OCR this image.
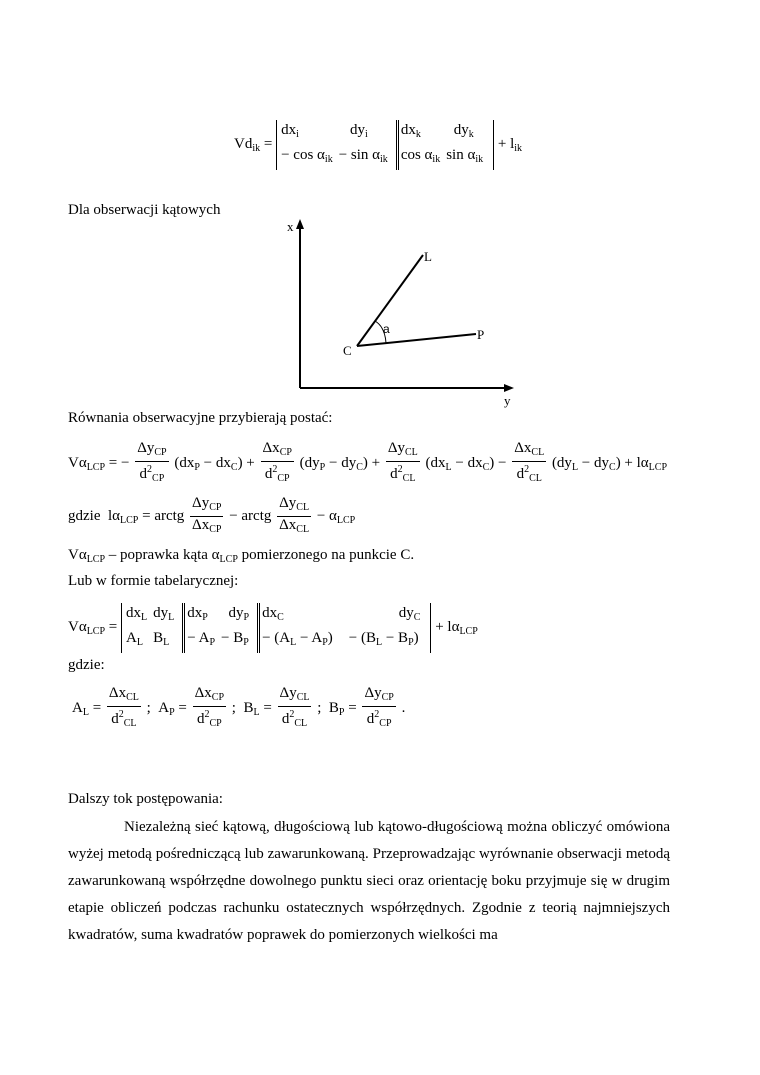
$Vd_{ik}$ =
$dx_i$	$dy_i$
− $\cos \alpha_{ik}$	− $\sin \alpha_{ik}$
$dx_k$	$dy_k$
$\cos \alpha_{ik}$	$\sin \alpha_{ik}$
+ $l_{ik}$
Dla obserwacji kątowych
x
y
C
L
P
a
Równania obserwacyjne przybierają postać:
$V\alpha_{LCP}$ = − $\frac{\Delta y_{CP}}{d^2_{CP}} (dx_P - dx_C) + \frac{\Delta x_{CP}}{d^2_{CP}} (dy_P - dy_C) + \frac{\Delta y_{CL}}{d^2_{CL}} (dx_L - dx_C) - \frac{\Delta x_{CL}}{d^2_{CL}} (dy_L - dy_C) + l\alpha_{LCP}$
gdzie  $l\alpha_{LCP}$ = arctg $\frac{\Delta y_{CP}}{\Delta x_{CP}}$ − arctg $\frac{\Delta y_{CL}}{\Delta x_{CL}} - \alpha_{LCP}$
$V\alpha_{LCP}$ – poprawka kąta $\alpha_{LCP}$ pomierzonego na punkcie C.
Lub w formie tabelarycznej:
$V\alpha_{LCP}$ =
$dx_L$	$dy_L$
$A_L$	$B_L$
$dx_P$	$dy_P$
− $A_P$	− $B_P$
$dx_C$	$dy_C$
− $(A_L - A_P)$	− $(B_L - B_P)$
+ $l\alpha_{LCP}$
gdzie:
$A_L = \frac{\Delta x_{CL}}{d^2_{CL}}$ ;  $A_P = \frac{\Delta x_{CP}}{d^2_{CP}}$ ;  $B_L = \frac{\Delta y_{CL}}{d^2_{CL}}$ ;  $B_P = \frac{\Delta y_{CP}}{d^2_{CP}}$ .
Dalszy tok postępowania:
Niezależną sieć kątową, długościową lub kątowo-długościową można obliczyć omówiona wyżej metodą pośredniczącą lub zawarunkowaną. Przeprowadzając wyrównanie obserwacji metodą zawarunkowaną współrzędne dowolnego punktu sieci oraz orientację boku przyjmuje się w drugim etapie obliczeń podczas rachunku ostatecznych współrzędnych. Zgodnie z teorią najmniejszych kwadratów, suma kwadratów poprawek do pomierzonych wielkości ma
